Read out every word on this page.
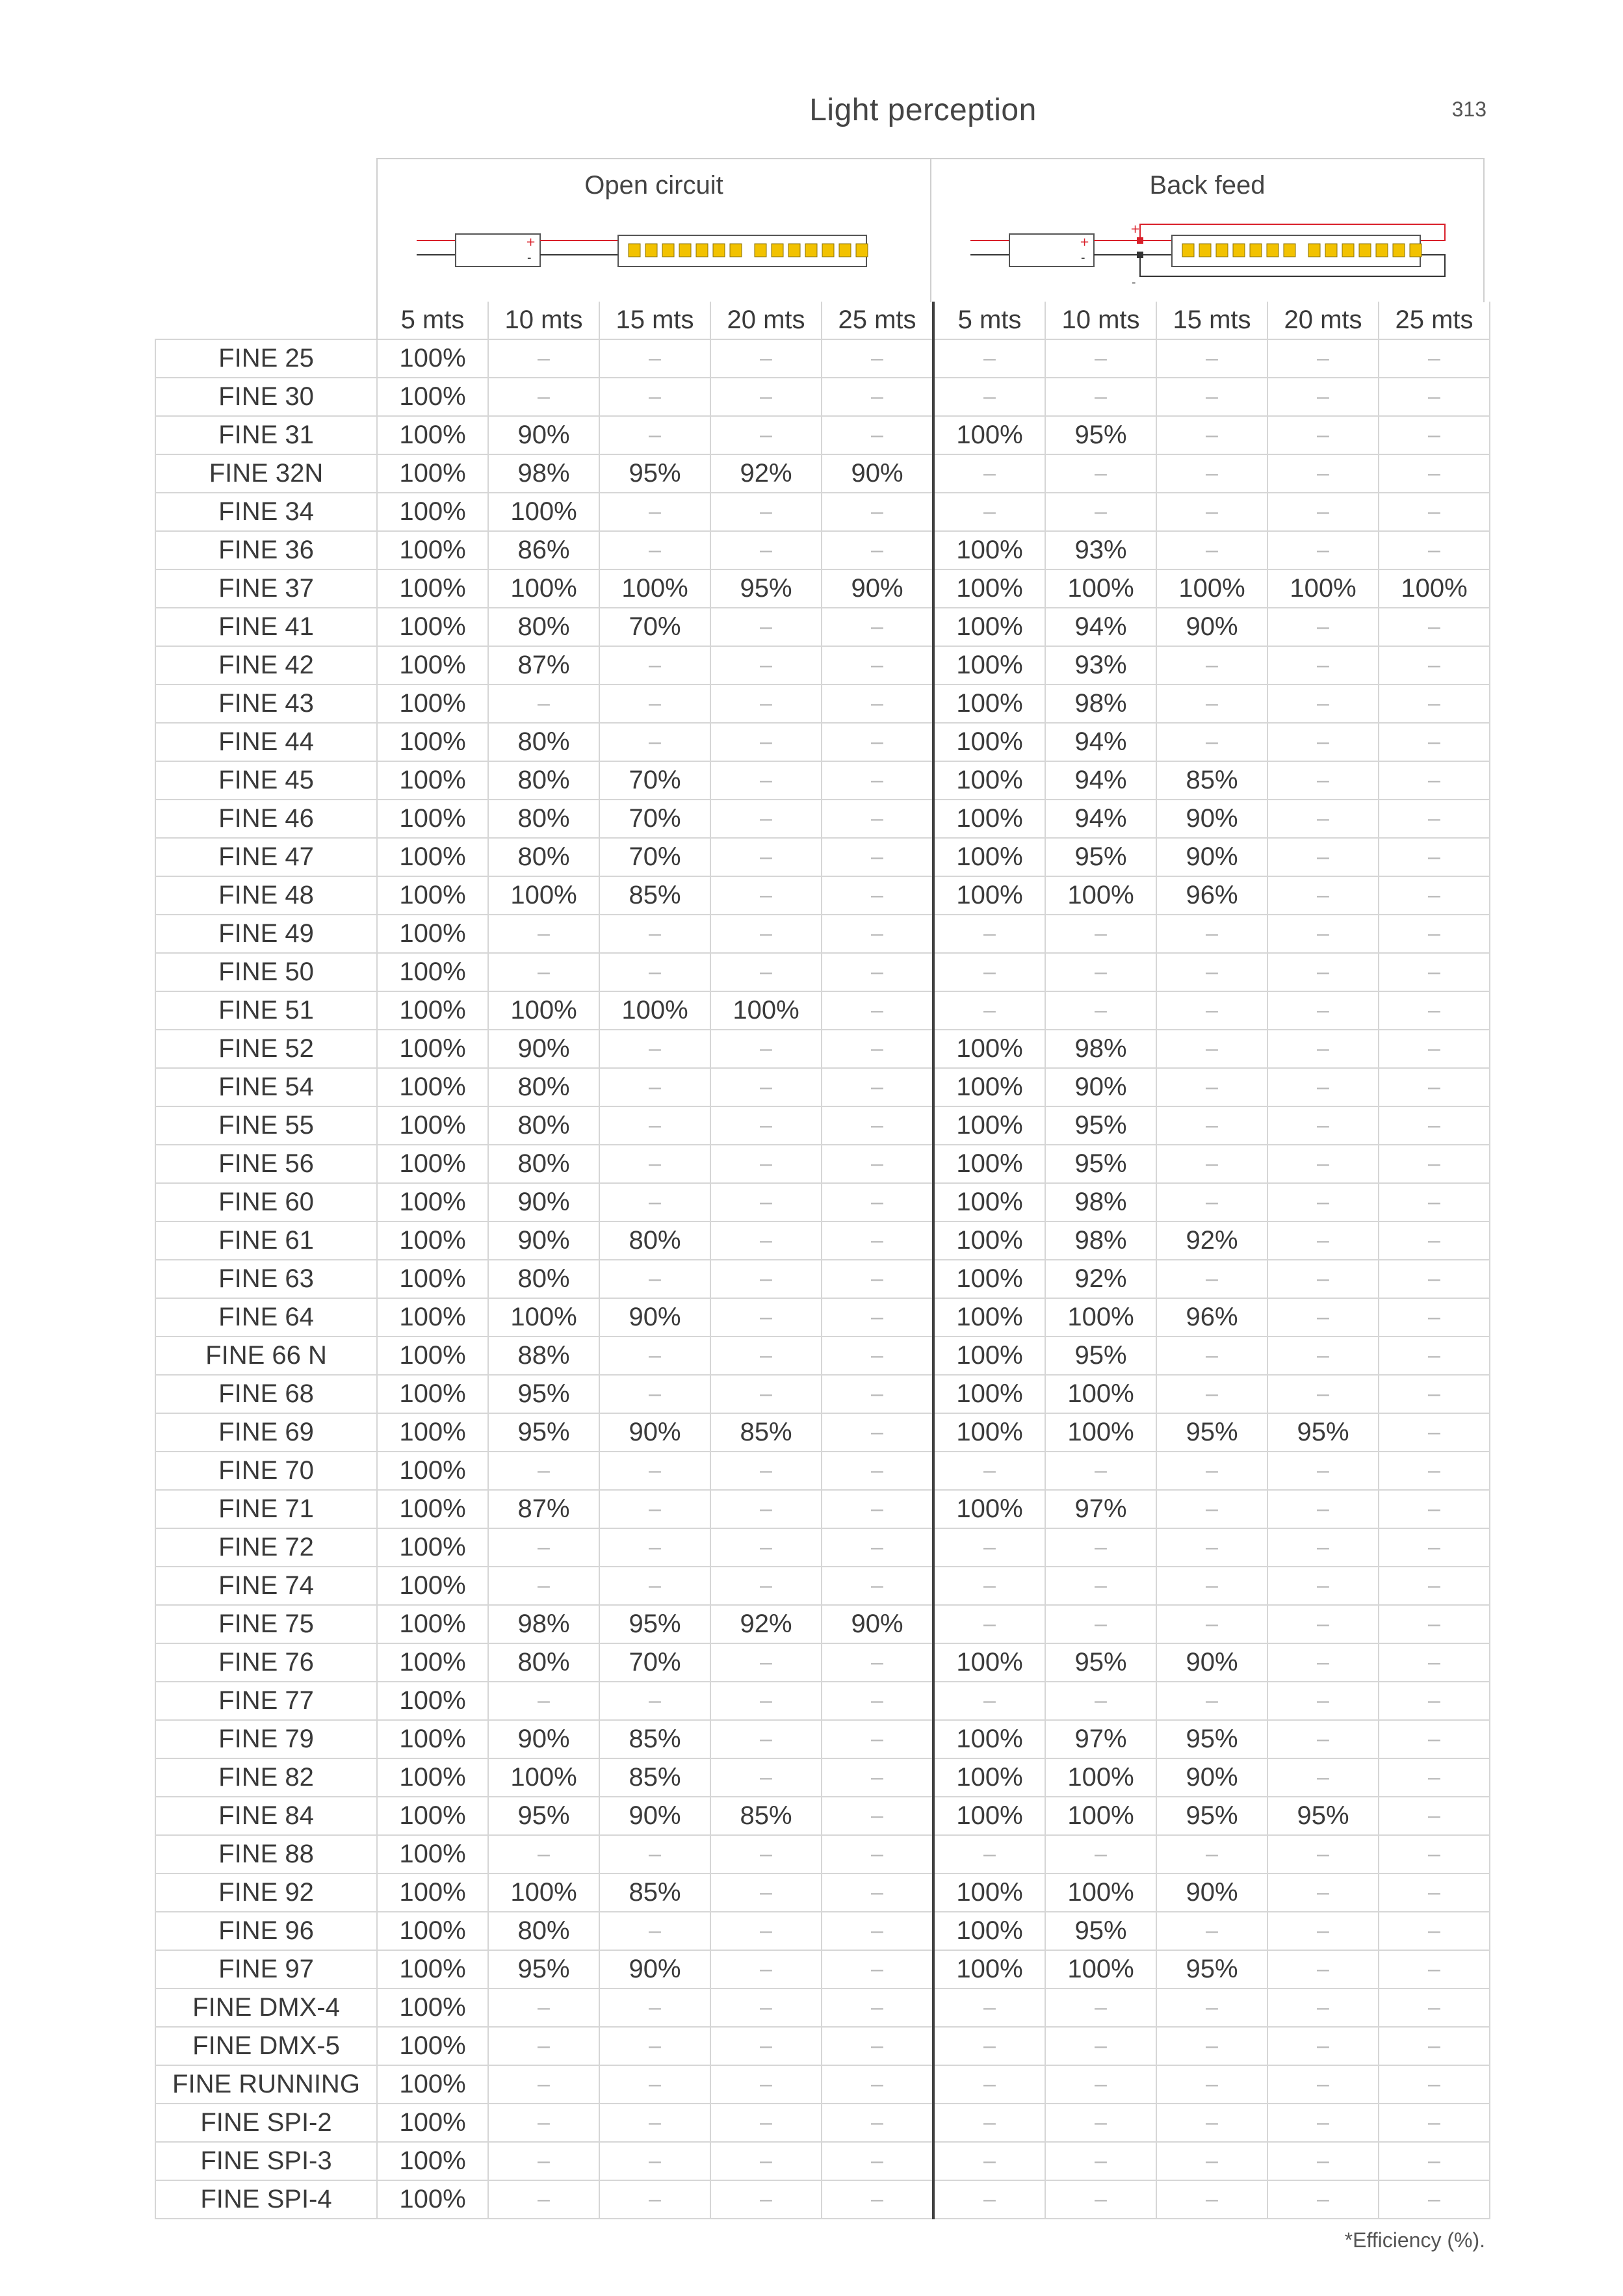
Light perception	313
Open circuit
+
-
Back feed
+
-
+
-
	5 mts	10 mts	15 mts	20 mts	25 mts	5 mts	10 mts	15 mts	20 mts	25 mts
FINE 25	100%	–	–	–	–	–	–	–	–	–
FINE 30	100%	–	–	–	–	–	–	–	–	–
FINE 31	100%	90%	–	–	–	100%	95%	–	–	–
FINE 32N	100%	98%	95%	92%	90%	–	–	–	–	–
FINE 34	100%	100%	–	–	–	–	–	–	–	–
FINE 36	100%	86%	–	–	–	100%	93%	–	–	–
FINE 37	100%	100%	100%	95%	90%	100%	100%	100%	100%	100%
FINE 41	100%	80%	70%	–	–	100%	94%	90%	–	–
FINE 42	100%	87%	–	–	–	100%	93%	–	–	–
FINE 43	100%	–	–	–	–	100%	98%	–	–	–
FINE 44	100%	80%	–	–	–	100%	94%	–	–	–
FINE 45	100%	80%	70%	–	–	100%	94%	85%	–	–
FINE 46	100%	80%	70%	–	–	100%	94%	90%	–	–
FINE 47	100%	80%	70%	–	–	100%	95%	90%	–	–
FINE 48	100%	100%	85%	–	–	100%	100%	96%	–	–
FINE 49	100%	–	–	–	–	–	–	–	–	–
FINE 50	100%	–	–	–	–	–	–	–	–	–
FINE 51	100%	100%	100%	100%	–	–	–	–	–	–
FINE 52	100%	90%	–	–	–	100%	98%	–	–	–
FINE 54	100%	80%	–	–	–	100%	90%	–	–	–
FINE 55	100%	80%	–	–	–	100%	95%	–	–	–
FINE 56	100%	80%	–	–	–	100%	95%	–	–	–
FINE 60	100%	90%	–	–	–	100%	98%	–	–	–
FINE 61	100%	90%	80%	–	–	100%	98%	92%	–	–
FINE 63	100%	80%	–	–	–	100%	92%	–	–	–
FINE 64	100%	100%	90%	–	–	100%	100%	96%	–	–
FINE 66 N	100%	88%	–	–	–	100%	95%	–	–	–
FINE 68	100%	95%	–	–	–	100%	100%	–	–	–
FINE 69	100%	95%	90%	85%	–	100%	100%	95%	95%	–
FINE 70	100%	–	–	–	–	–	–	–	–	–
FINE 71	100%	87%	–	–	–	100%	97%	–	–	–
FINE 72	100%	–	–	–	–	–	–	–	–	–
FINE 74	100%	–	–	–	–	–	–	–	–	–
FINE 75	100%	98%	95%	92%	90%	–	–	–	–	–
FINE 76	100%	80%	70%	–	–	100%	95%	90%	–	–
FINE 77	100%	–	–	–	–	–	–	–	–	–
FINE 79	100%	90%	85%	–	–	100%	97%	95%	–	–
FINE 82	100%	100%	85%	–	–	100%	100%	90%	–	–
FINE 84	100%	95%	90%	85%	–	100%	100%	95%	95%	–
FINE 88	100%	–	–	–	–	–	–	–	–	–
FINE 92	100%	100%	85%	–	–	100%	100%	90%	–	–
FINE 96	100%	80%	–	–	–	100%	95%	–	–	–
FINE 97	100%	95%	90%	–	–	100%	100%	95%	–	–
FINE DMX-4	100%	–	–	–	–	–	–	–	–	–
FINE DMX-5	100%	–	–	–	–	–	–	–	–	–
FINE RUNNING	100%	–	–	–	–	–	–	–	–	–
FINE SPI-2	100%	–	–	–	–	–	–	–	–	–
FINE SPI-3	100%	–	–	–	–	–	–	–	–	–
FINE SPI-4	100%	–	–	–	–	–	–	–	–	–
*Efficiency (%).
